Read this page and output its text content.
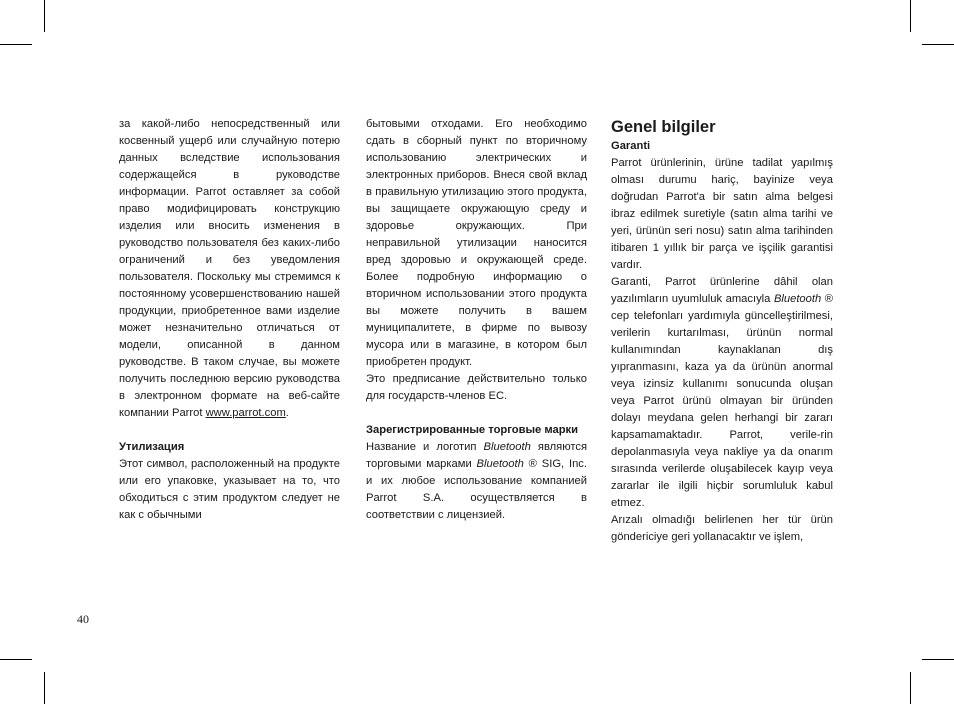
за какой-либо непосредственный или косвенный ущерб или случайную потерю данных вследствие использования содержащейся в руководстве информации. Parrot оставляет за собой право модифицировать конструкцию изделия или вносить изменения в руководство пользователя без каких-либо ограничений и без уведомления пользователя. Поскольку мы стремимся к постоянному усовершенствованию нашей продукции, приобретенное вами изделие может незначительно отличаться от модели, описанной в данном руководстве. В таком случае, вы можете получить последнюю версию руководства в электронном формате на веб-сайте компании Parrot www.parrot.com.

Утилизация

Этот символ, расположенный на продукте или его упаковке, указывает на то, что обходиться с этим продуктом следует не как с обычными

бытовыми отходами. Его необходимо сдать в сборный пункт по вторичному использованию электрических и электронных приборов. Внеся свой вклад в правильную утилизацию этого продукта, вы защищаете окружающую среду и здоровье окружающих. При неправильной утилизации наносится вред здоровью и окружающей среде. Более подробную информацию о вторичном использовании этого продукта вы можете получить в вашем муниципалитете, в фирме по вывозу мусора или в магазине, в котором был приобретен продукт.

Это предписание действительно только для государств-членов ЕС.

Зарегистрированные торговые марки

Название и логотип Bluetooth являются торговыми марками Bluetooth ® SIG, Inc. и их любое использование компанией Parrot S.A. осуществляется в соответствии с лицензией.

Genel bilgiler

Garanti

Parrot ürünlerinin, ürüne tadilat yapılmış olması durumu hariç, bayinize veya doğrudan Parrot'a bir satın alma belgesi ibraz edilmek suretiyle (satın alma tarihi ve yeri, ürünün seri nosu) satın alma tarihinden itibaren 1 yıllık bir parça ve işçilik garantisi vardır.

Garanti, Parrot ürünlerine dâhil olan yazılımların uyumluluk amacıyla Bluetooth ® cep telefonları yardımıyla güncelleştirilmesi, verilerin kurtarılması, ürünün normal kullanımından kaynaklanan dış yıpranmasını, kaza ya da ürünün anormal veya izinsiz kullanımı sonucunda oluşan veya Parrot ürünü olmayan bir üründen dolayı meydana gelen herhangi bir zararı kapsamamaktadır. Parrot, verile-rin depolanmasıyla veya nakliye ya da onarım sırasında verilerde oluşabilecek kayıp veya zararlar ile ilgili hiçbir sorumluluk kabul etmez.

Arızalı olmadığı belirlenen her tür ürün göndericiye geri yollanacaktır ve işlem,

40
